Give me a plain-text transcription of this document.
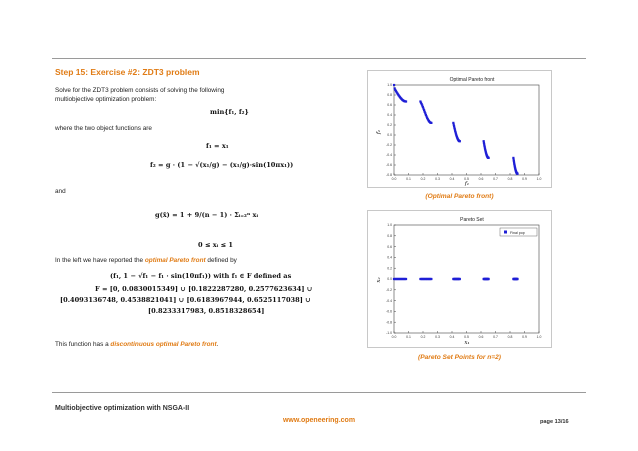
Step 15: Exercise #2: ZDT3 problem
Solve for the ZDT3 problem consists of solving the following
multiobjective optimization problem:
min{f₁, f₂}
where the two object functions are
f₁ = x₁
f₂ = g · (1 − √(x₁/g) − (x₁/g)·sin(10πx₁))
and
g(x̄) = 1 + 9/(n − 1) · Σᵢ₌₂ⁿ xᵢ
0 ≤ xᵢ ≤ 1
In the left we have reported the optimal Pareto front defined by
(f₁, 1 − √f₁ − f₁ · sin(10πf₁)) with f₁ ∈ F defined as
F = [0, 0.0830015349] ∪ [0.1822287280, 0.2577623634] ∪
[0.4093136748, 0.4538821041] ∪ [0.6183967944, 0.6525117038] ∪
[0.8233317983, 0.8518328654]
This function has a discontinuous optimal Pareto front.
Optimal Pareto front
-0.8
-0.6
-0.4
-0.2
0.0
0.2
0.4
0.6
0.8
1.0
0.0	0.1	0.2	0.3	0.4	0.5	0.6	0.7	0.8	0.9	1.0
f₂
f₁
(Optimal Pareto front)
Pareto Set
-1.0
-0.8
-0.6
-0.4
-0.2
0.0
0.2
0.4
0.6
0.8
1.0
0.0	0.1	0.2	0.3	0.4	0.5	0.6	0.7	0.8	0.9	1.0
x₂
x₁
Final pop
(Pareto Set Points for n=2)
Multiobjective optimization with NSGA-II
www.openeering.com	page 13/16
